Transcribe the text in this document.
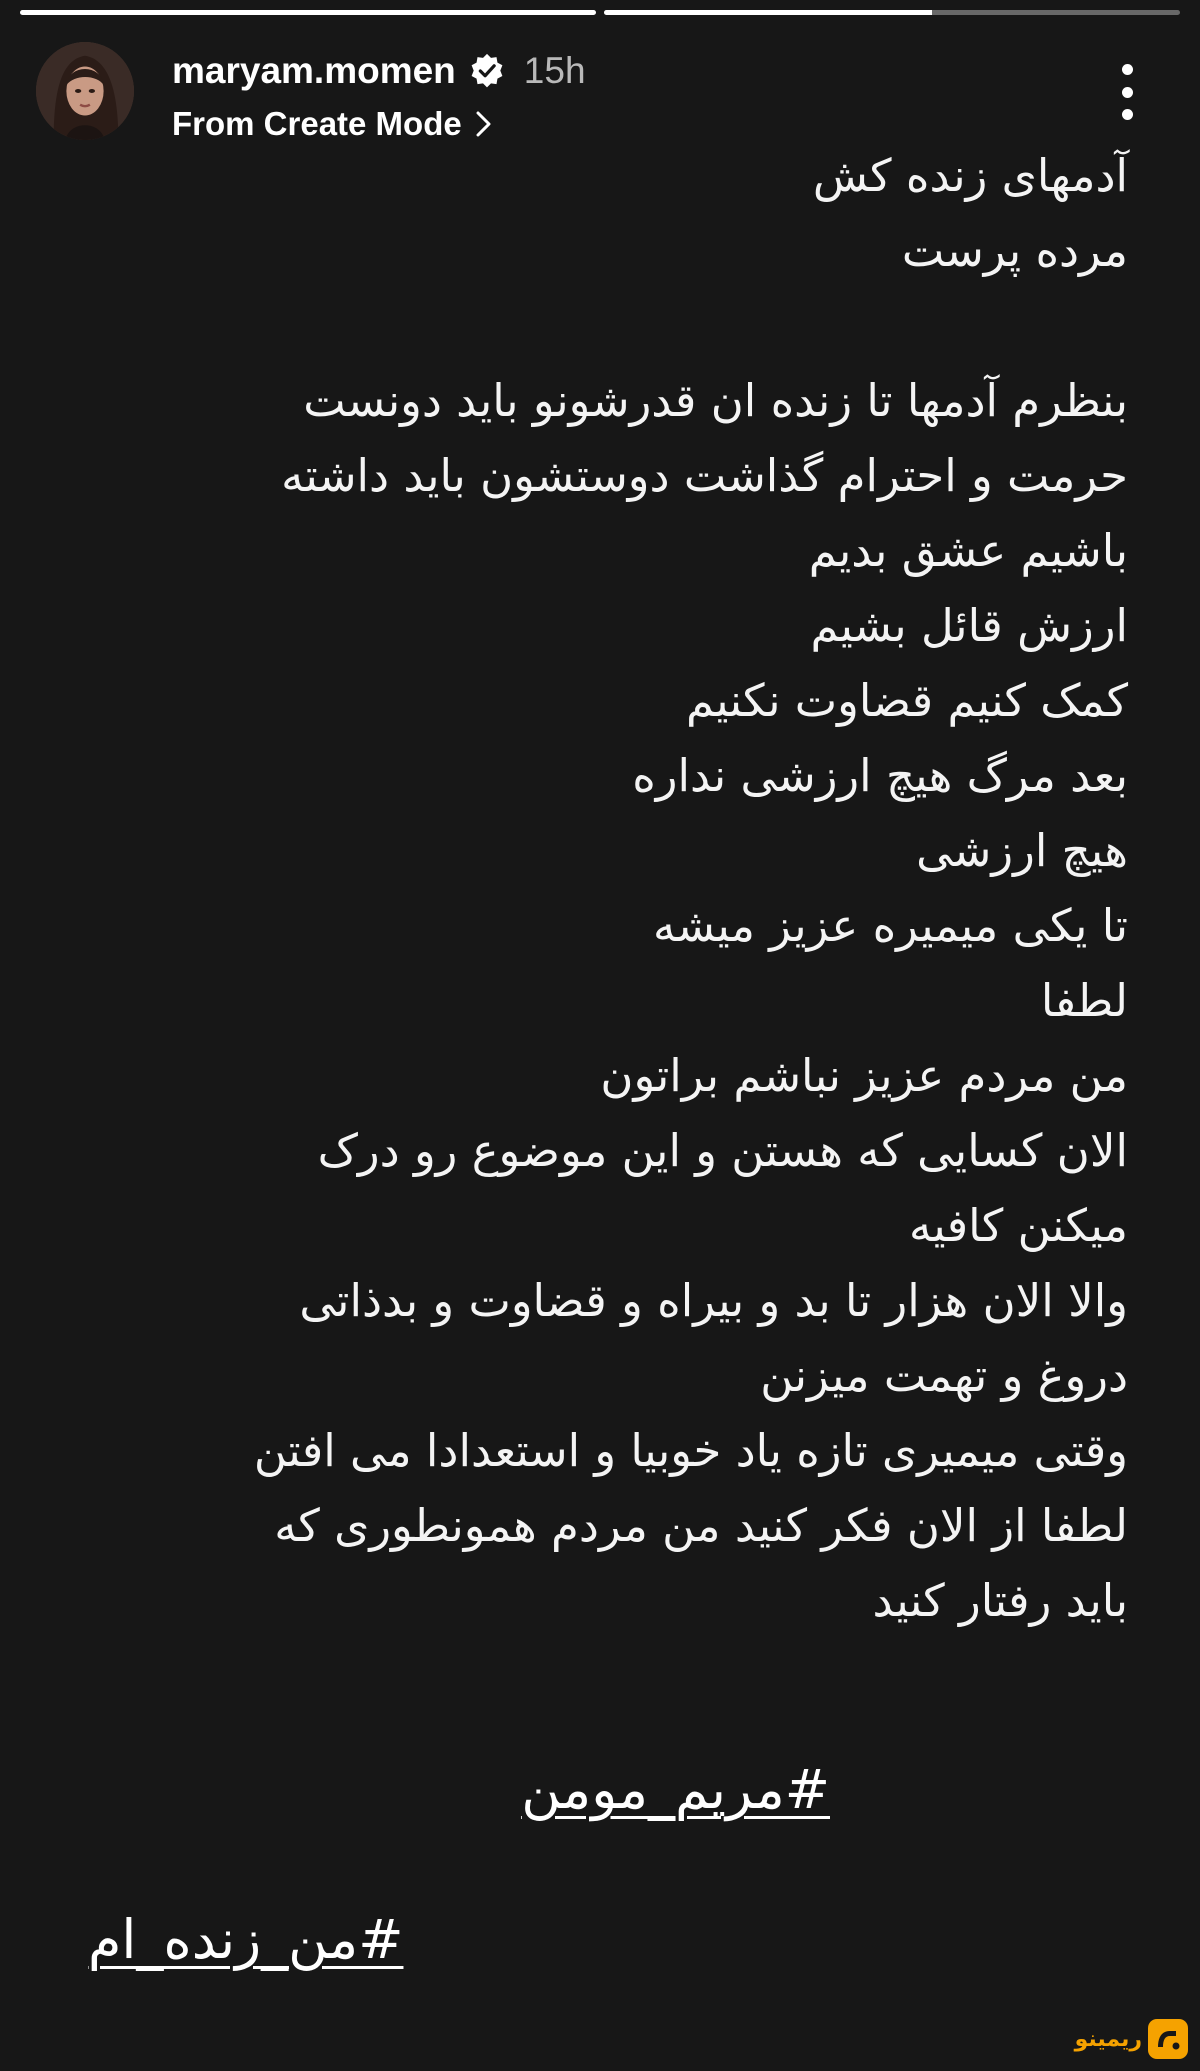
maryam.momen 15h
From Create Mode
آدمهای زنده کش
مرده پرست
بنظرم آدمها تا زنده ان قدرشونو باید دونست
حرمت و احترام گذاشت دوستشون باید داشته
باشیم عشق بدیم
ارزش قائل بشیم
کمک کنیم قضاوت نکنیم
بعد مرگ هیچ ارزشی نداره
هیچ ارزشی
تا یکی میمیره عزیز میشه
لطفا
من مردم عزیز نباشم براتون
الان کسایی که هستن و این موضوع رو درک
میکنن کافیه
والا الان هزار تا بد و بیراه و قضاوت و بدذاتی
دروغ و تهمت میزنن
وقتی میمیری تازه یاد خوبیا و استعدادا می افتن
لطفا از الان فکر کنید من مردم همونطوری که
باید رفتار کنید
#مریم_مومن
#من_زنده_ام
ریمینو
